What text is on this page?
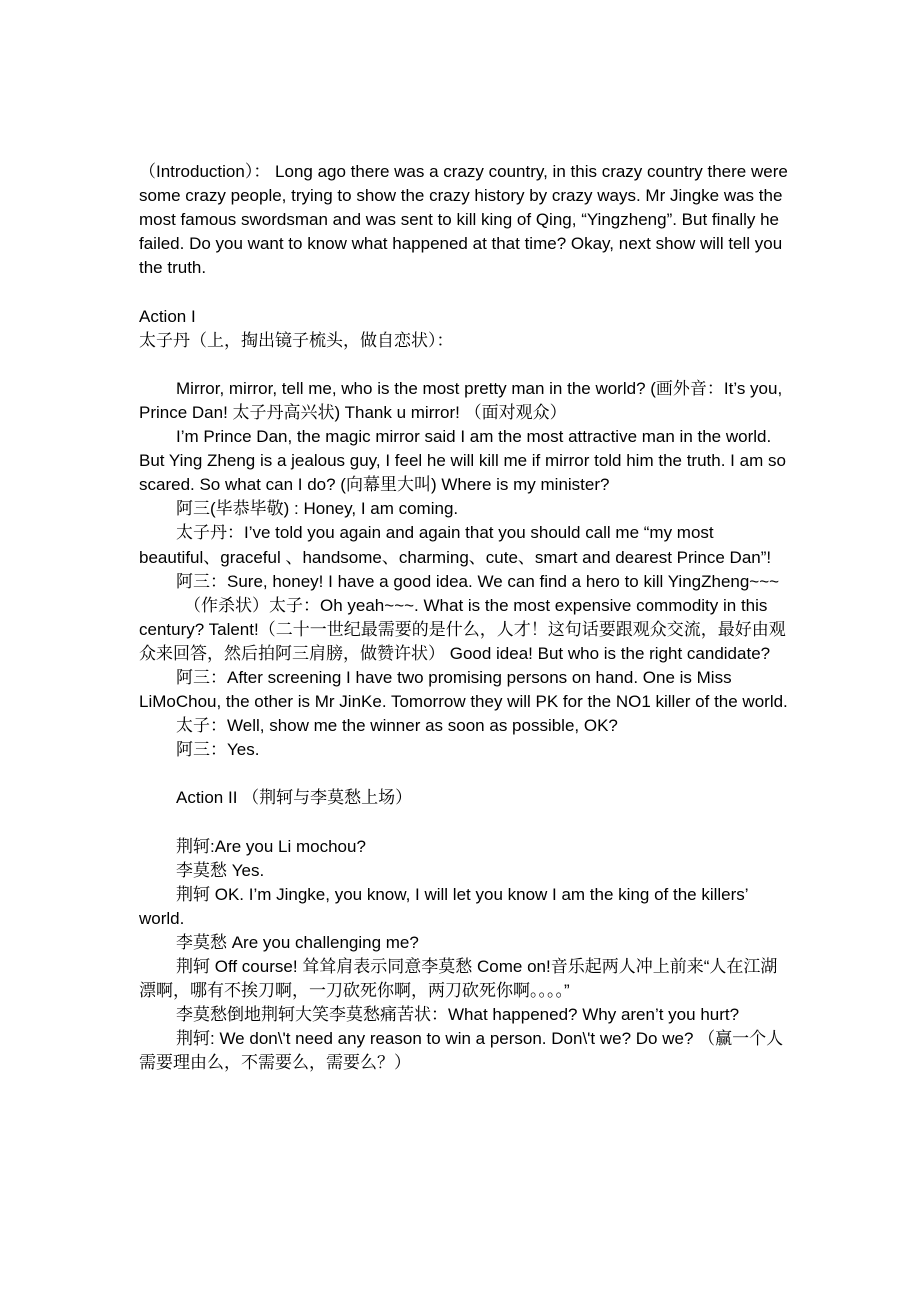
（Introduction）： Long ago there was a crazy country, in this crazy country there were some crazy people, trying to show the crazy history by crazy ways. Mr Jingke was the most famous swordsman and was sent to kill king of Qing, “Yingzheng”. But finally he failed. Do you want to know what happened at that time? Okay, next show will tell you the truth.

Action I

太子丹（上，掏出镜子梳头，做自恋状）：

Mirror, mirror, tell me, who is the most pretty man in the world? (画外音：It’s you, Prince Dan! 太子丹高兴状) Thank u mirror! （面对观众）

I’m Prince Dan, the magic mirror said I am the most attractive man in the world. But Ying Zheng is a jealous guy, I feel he will kill me if mirror told him the truth. I am so scared. So what can I do? (向幕里大叫) Where is my minister?

阿三(毕恭毕敬) : Honey, I am coming.

太子丹：I’ve told you again and again that you should call me “my most beautiful、graceful 、handsome、charming、cute、smart and dearest Prince Dan”!

阿三：Sure, honey! I have a good idea. We can find a hero to kill YingZheng~~~

（作杀状）太子：Oh yeah~~~. What is the most expensive commodity in this century? Talent!（二十一世纪最需要的是什么，人才！这句话要跟观众交流，最好由观众来回答，然后拍阿三肩膀，做赞许状） Good idea! But who is the right candidate?

阿三：After screening I have two promising persons on hand. One is Miss LiMoChou, the other is Mr JinKe. Tomorrow they will PK for the NO1 killer of the world.

太子：Well, show me the winner as soon as possible, OK?

阿三：Yes.

Action II （荆轲与李莫愁上场）

荆轲:Are you Li mochou?

李莫愁 Yes.

荆轲 OK. I’m Jingke, you know, I will let you know I am the king of the killers’ world.

李莫愁 Are you challenging me?

荆轲 Off course! 耸耸肩表示同意李莫愁 Come on!音乐起两人冲上前来“人在江湖漂啊，哪有不挨刀啊，一刀砍死你啊，两刀砍死你啊。。。。”

李莫愁倒地荆轲大笑李莫愁痛苦状：What happened? Why aren’t you hurt?

荆轲: We don\'t need any reason to win a person. Don\'t we? Do we? （赢一个人需要理由么，不需要么，需要么？）
